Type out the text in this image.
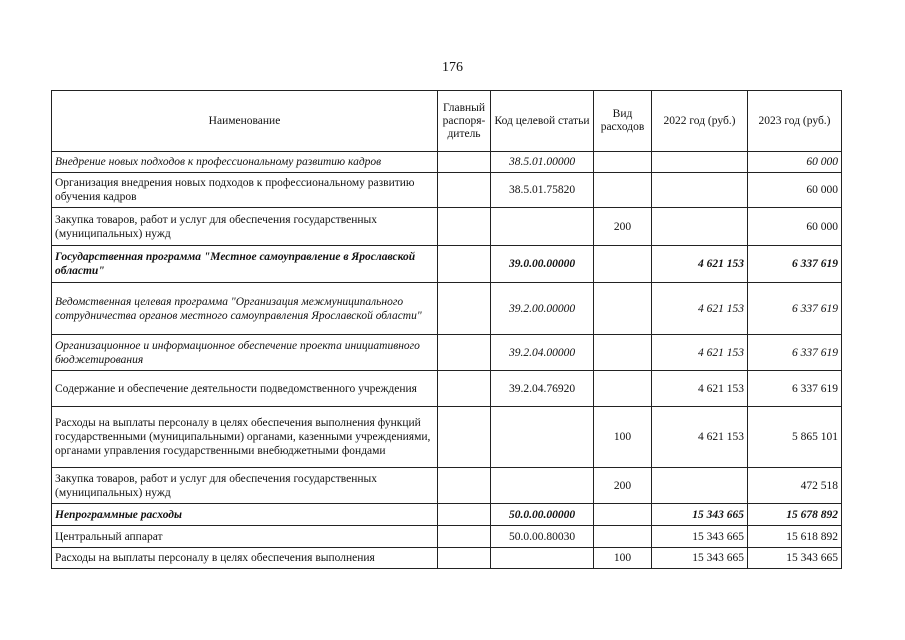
176
Наименование	Главный распоря-дитель	Код целевой статьи	Вид расходов	2022 год (руб.)	2023 год (руб.)
Внедрение новых подходов к профессиональному развитию кадров		38.5.01.00000			60 000
Организация внедрения новых подходов к профессиональному развитию обучения кадров		38.5.01.75820			60 000
Закупка товаров, работ и услуг для обеспечения государственных (муниципальных) нужд			200		60 000
Государственная программа "Местное самоуправление в Ярославской области"		39.0.00.00000		4 621 153	6 337 619
Ведомственная целевая программа "Организация межмуниципального сотрудничества органов местного самоуправления Ярославской области"		39.2.00.00000		4 621 153	6 337 619
Организационное и информационное обеспечение проекта инициативного бюджетирования		39.2.04.00000		4 621 153	6 337 619
Содержание и обеспечение деятельности подведомственного учреждения		39.2.04.76920		4 621 153	6 337 619
Расходы на выплаты персоналу в целях обеспечения выполнения функций государственными (муниципальными) органами, казенными учреждениями, органами управления государственными внебюджетными фондами			100	4 621 153	5 865 101
Закупка товаров, работ и услуг для обеспечения государственных (муниципальных) нужд			200		472 518
Непрограммные расходы		50.0.00.00000		15 343 665	15 678 892
Центральный аппарат		50.0.00.80030		15 343 665	15 618 892
Расходы на выплаты персоналу в целях обеспечения выполнения			100	15 343 665	15 343 665
